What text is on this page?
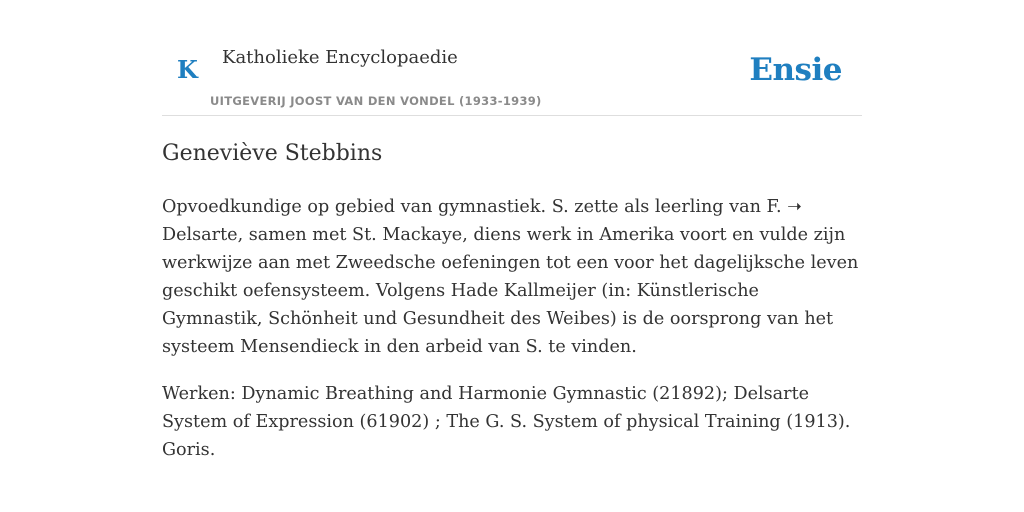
K Katholieke Encyclopaedie
UITGEVERIJ JOOST VAN DEN VONDEL (1933-1939)
Ensie
Geneviève Stebbins

Opvoedkundige op gebied van gymnastiek. S. zette als leerling van F. ➝ Delsarte, samen met St. Mackaye, diens werk in Amerika voort en vulde zijn werkwijze aan met Zweedsche oefeningen tot een voor het dagelijksche leven geschikt oefensysteem. Volgens Hade Kallmeijer (in: Künstlerische Gymnastik, Schönheit und Gesundheit des Weibes) is de oorsprong van het systeem Mensendieck in den arbeid van S. te vinden.

Werken: Dynamic Breathing and Harmonie Gymnastic (21892); Delsarte System of Expression (61902) ; The G. S. System of physical Training (1913). Goris.
